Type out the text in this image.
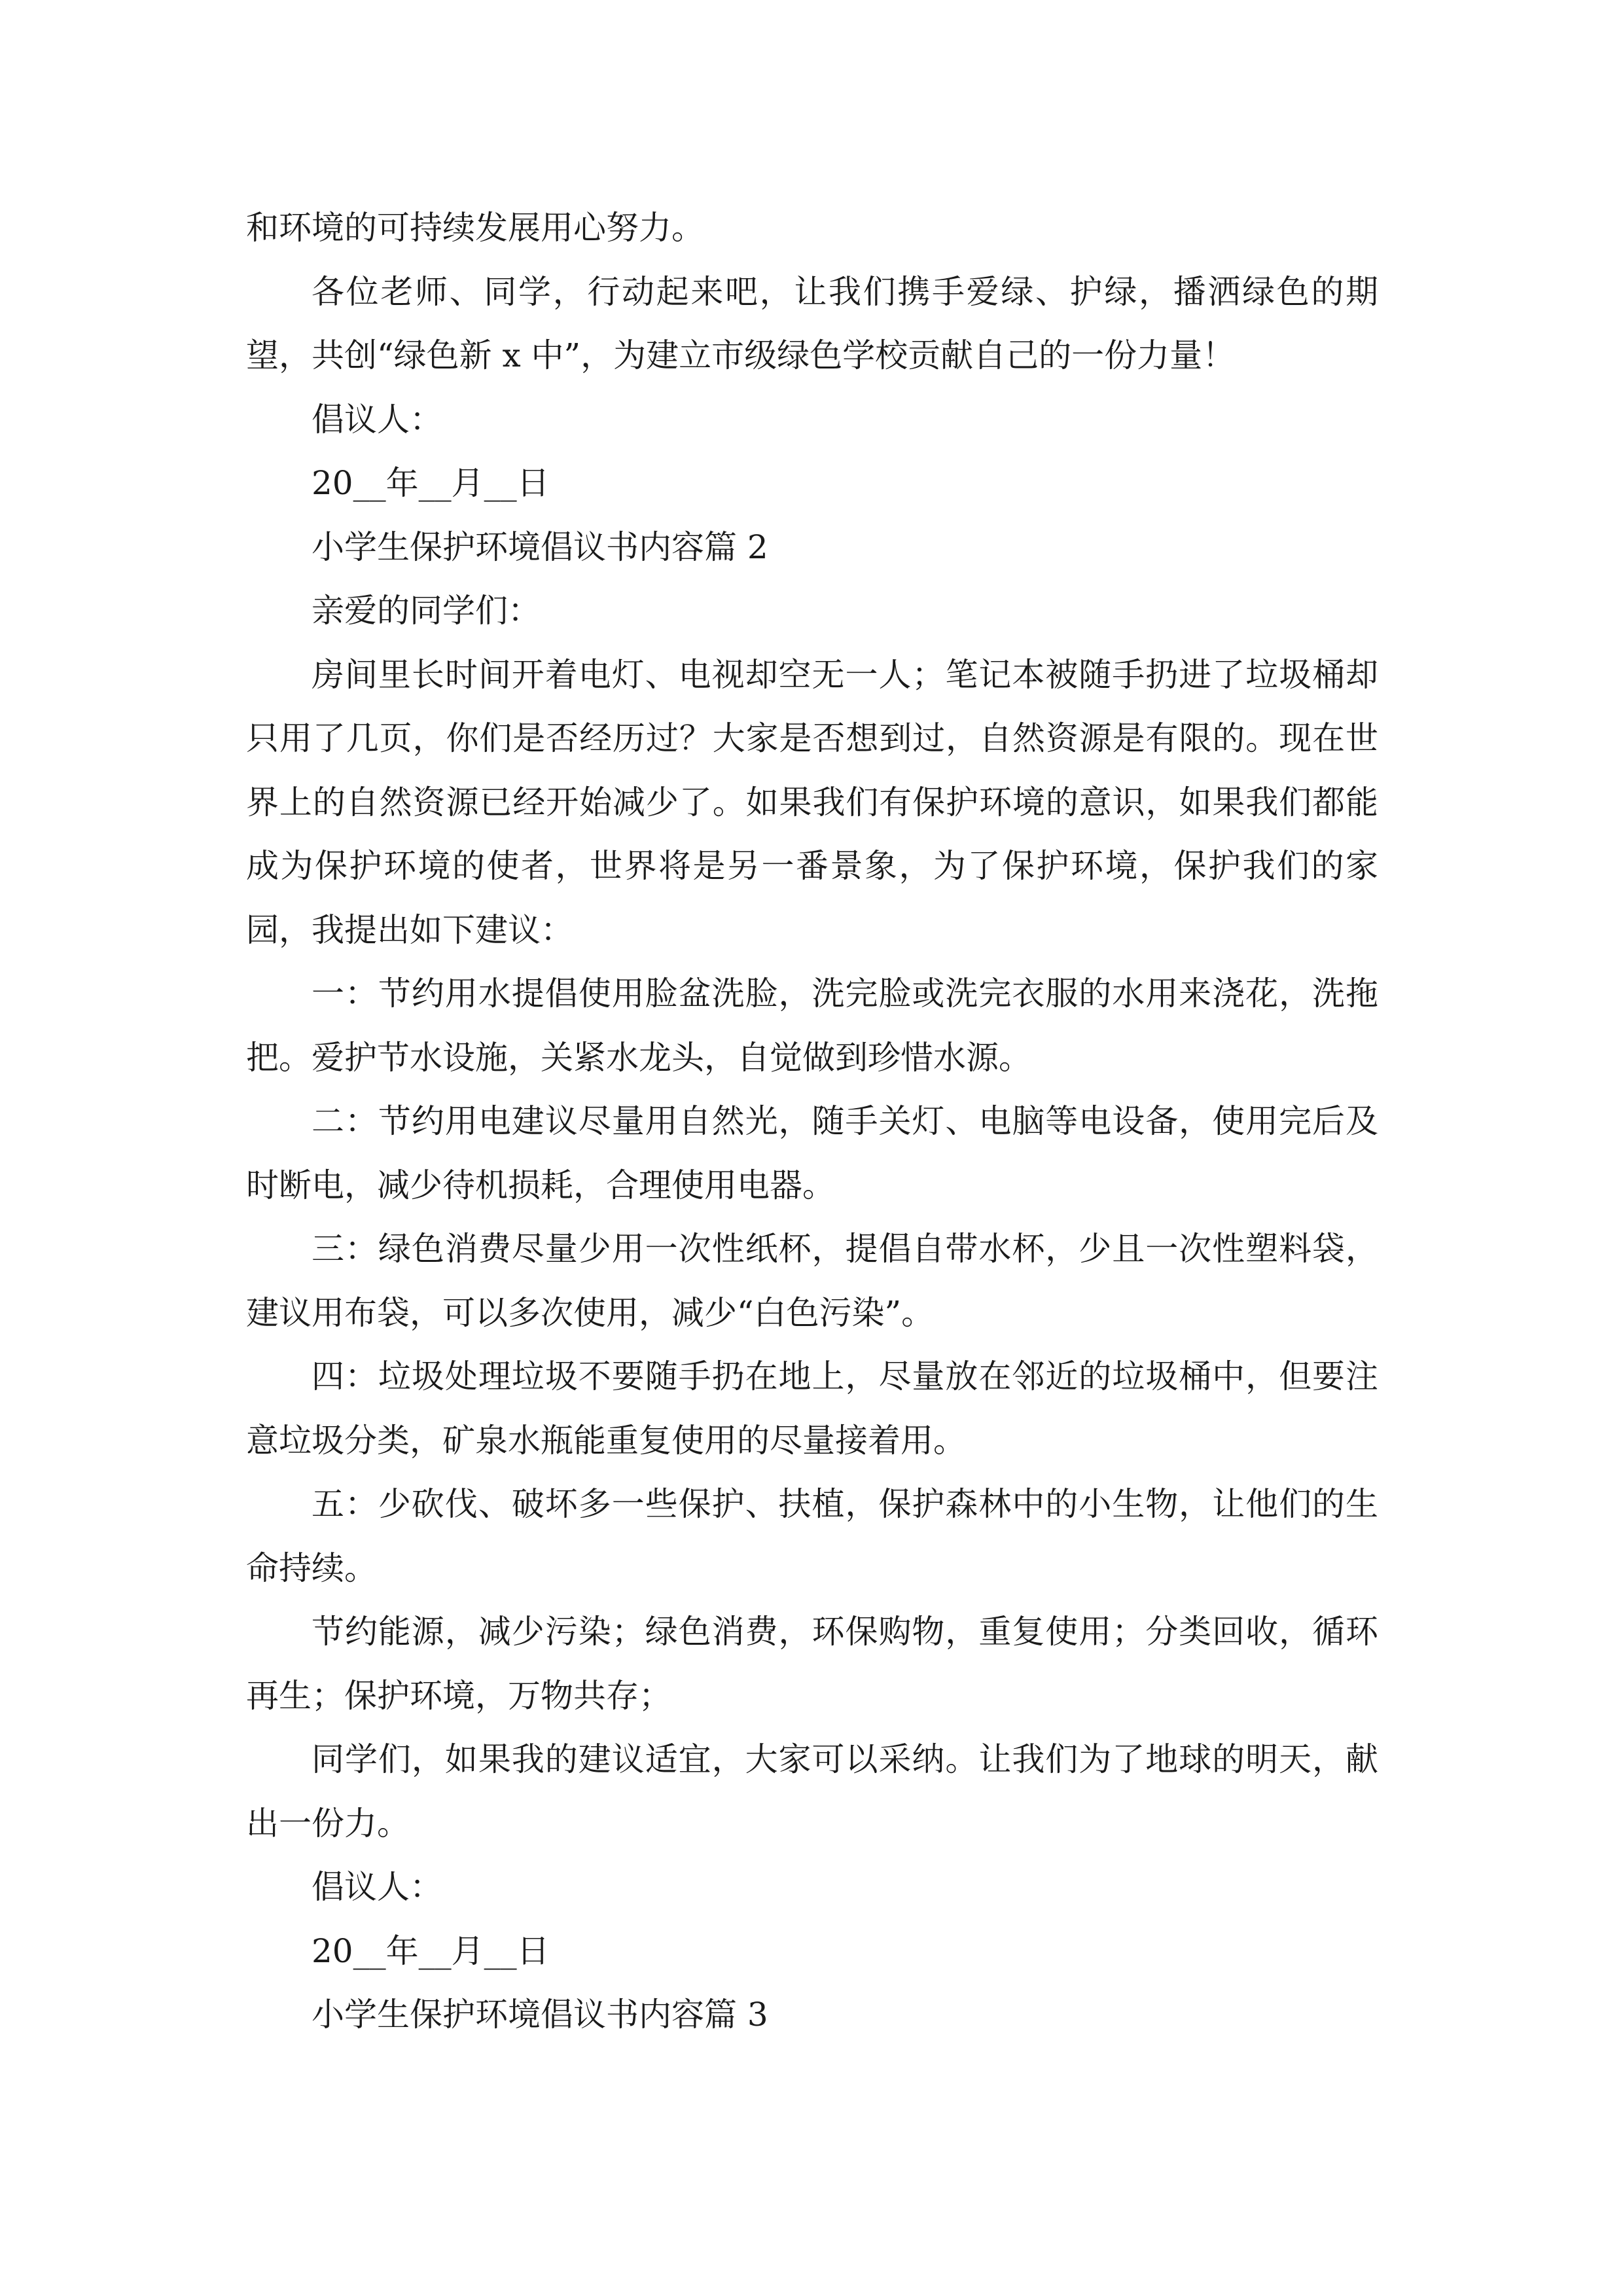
和环境的可持续发展用心努力。

各位老师、同学，行动起来吧，让我们携手爱绿、护绿，播洒绿色的期望，共创“绿色新 x 中”，为建立市级绿色学校贡献自己的一份力量！

倡议人：

20__年__月__日

小学生保护环境倡议书内容篇 2

亲爱的同学们：

房间里长时间开着电灯、电视却空无一人；笔记本被随手扔进了垃圾桶却只用了几页，你们是否经历过？大家是否想到过，自然资源是有限的。现在世界上的自然资源已经开始减少了。如果我们有保护环境的意识，如果我们都能成为保护环境的使者，世界将是另一番景象，为了保护环境，保护我们的家园，我提出如下建议：

一：节约用水提倡使用脸盆洗脸，洗完脸或洗完衣服的水用来浇花，洗拖把。爱护节水设施，关紧水龙头，自觉做到珍惜水源。

二：节约用电建议尽量用自然光，随手关灯、电脑等电设备，使用完后及时断电，减少待机损耗，合理使用电器。

三：绿色消费尽量少用一次性纸杯，提倡自带水杯，少且一次性塑料袋，建议用布袋，可以多次使用，减少“白色污染”。

四：垃圾处理垃圾不要随手扔在地上，尽量放在邻近的垃圾桶中，但要注意垃圾分类，矿泉水瓶能重复使用的尽量接着用。

五：少砍伐、破坏多一些保护、扶植，保护森林中的小生物，让他们的生命持续。

节约能源，减少污染；绿色消费，环保购物，重复使用；分类回收，循环再生；保护环境，万物共存；

同学们，如果我的建议适宜，大家可以采纳。让我们为了地球的明天，献出一份力。

倡议人：

20__年__月__日

小学生保护环境倡议书内容篇 3
